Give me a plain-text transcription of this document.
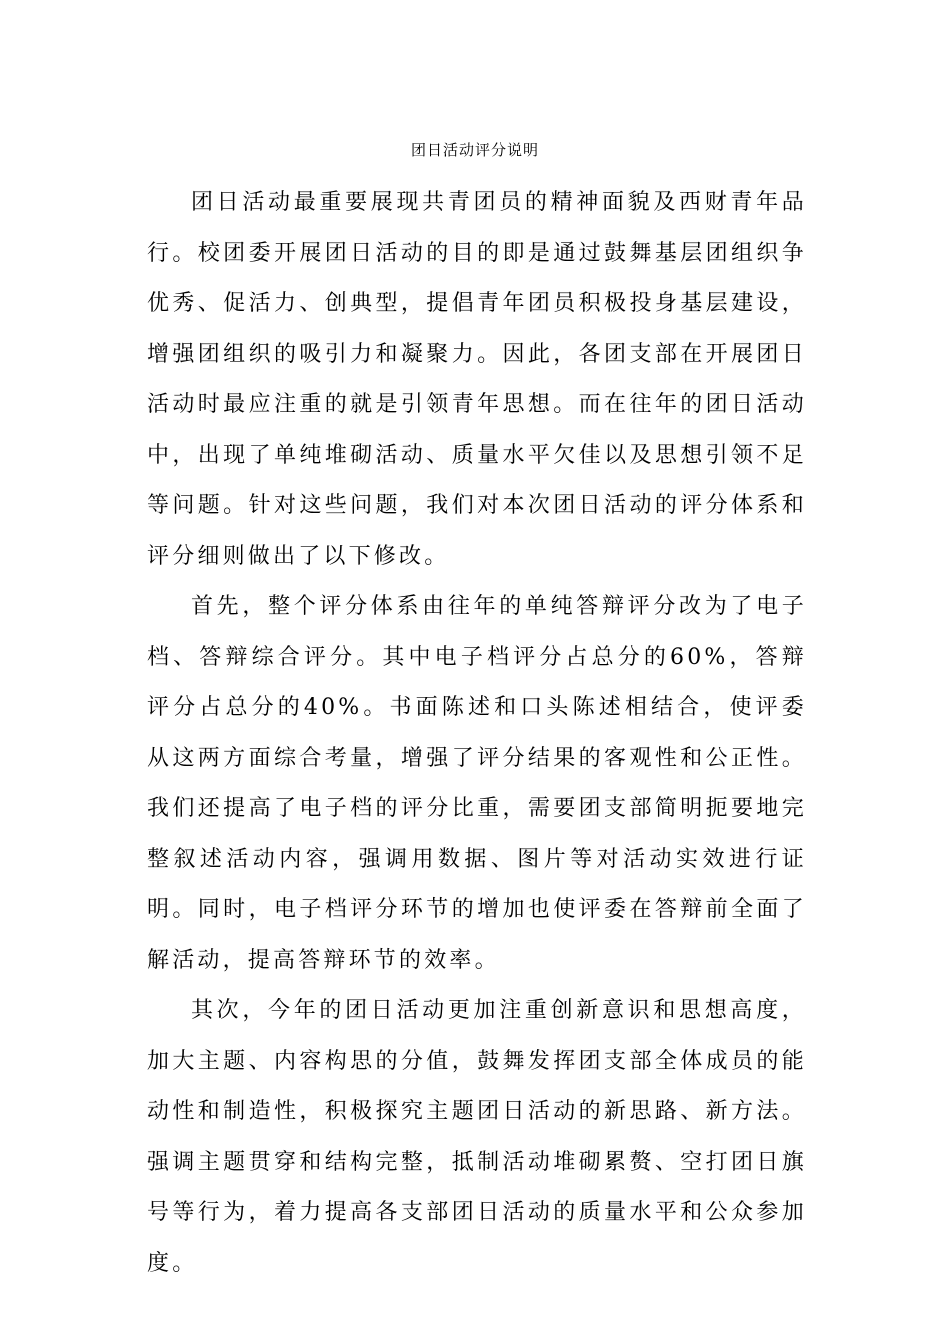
团日活动评分说明

团日活动最重要展现共青团员的精神面貌及西财青年品行。校团委开展团日活动的目的即是通过鼓舞基层团组织争优秀、促活力、创典型，提倡青年团员积极投身基层建设，增强团组织的吸引力和凝聚力。因此，各团支部在开展团日活动时最应注重的就是引领青年思想。而在往年的团日活动中，出现了单纯堆砌活动、质量水平欠佳以及思想引领不足等问题。针对这些问题，我们对本次团日活动的评分体系和评分细则做出了以下修改。

首先，整个评分体系由往年的单纯答辩评分改为了电子档、答辩综合评分。其中电子档评分占总分的60%，答辩评分占总分的40%。书面陈述和口头陈述相结合，使评委从这两方面综合考量，增强了评分结果的客观性和公正性。我们还提高了电子档的评分比重，需要团支部简明扼要地完整叙述活动内容，强调用数据、图片等对活动实效进行证明。同时，电子档评分环节的增加也使评委在答辩前全面了解活动，提高答辩环节的效率。

其次，今年的团日活动更加注重创新意识和思想高度，加大主题、内容构思的分值，鼓舞发挥团支部全体成员的能动性和制造性，积极探究主题团日活动的新思路、新方法。强调主题贯穿和结构完整，抵制活动堆砌累赘、空打团日旗号等行为，着力提高各支部团日活动的质量水平和公众参加度。
